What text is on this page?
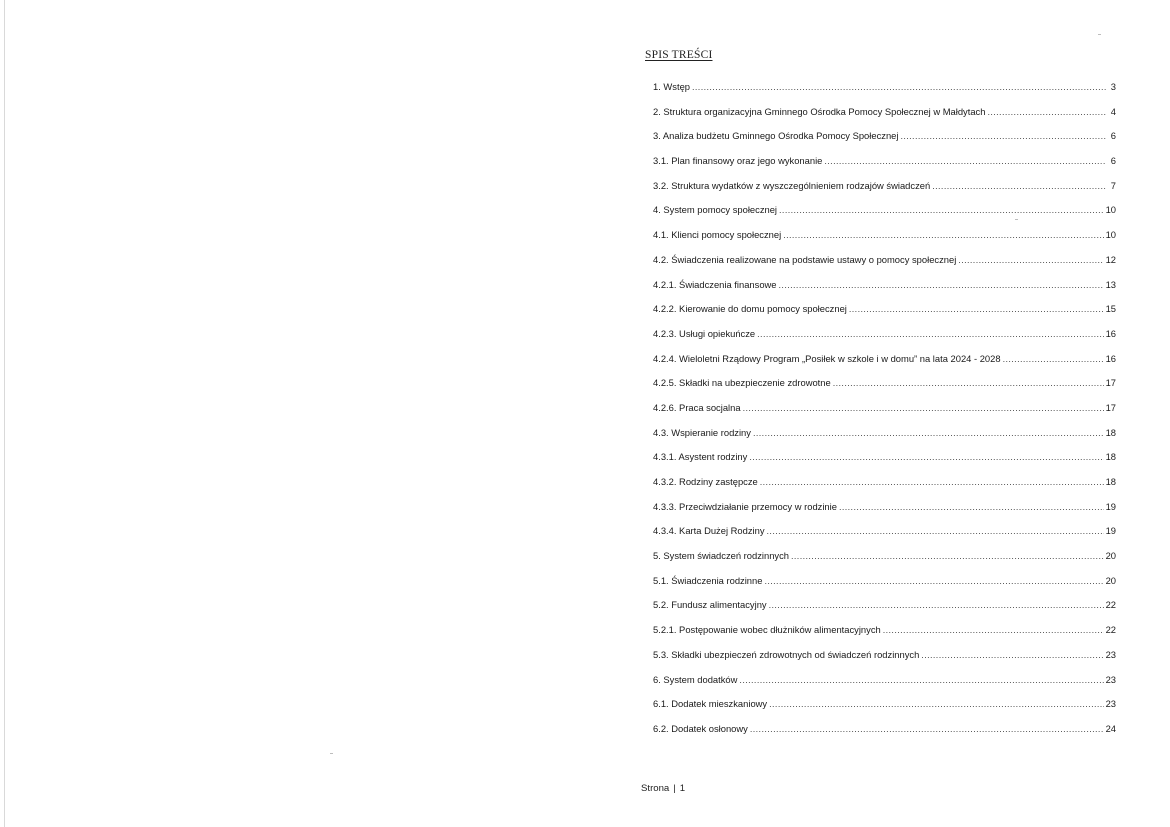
SPIS TREŚCI
1. Wstęp .....	3
2. Struktura organizacyjna Gminnego Ośrodka Pomocy Społecznej w Małdytach .....	4
3. Analiza budżetu Gminnego Ośrodka Pomocy Społecznej .....	6
3.1. Plan finansowy oraz jego wykonanie .....	6
3.2. Struktura wydatków z wyszczególnieniem rodzajów świadczeń .....	7
4. System pomocy społecznej .....	10
4.1. Klienci pomocy społecznej .....	10
4.2. Świadczenia realizowane na podstawie ustawy o pomocy społecznej .....	12
4.2.1. Świadczenia finansowe .....	13
4.2.2. Kierowanie do domu pomocy społecznej .....	15
4.2.3. Usługi opiekuńcze .....	16
4.2.4. Wieloletni Rządowy Program „Posiłek w szkole i w domu” na lata 2024 - 2028 .....	16
4.2.5. Składki na ubezpieczenie zdrowotne .....	17
4.2.6. Praca socjalna .....	17
4.3. Wspieranie rodziny .....	18
4.3.1. Asystent rodziny .....	18
4.3.2. Rodziny zastępcze .....	18
4.3.3. Przeciwdziałanie przemocy w rodzinie .....	19
4.3.4. Karta Dużej Rodziny .....	19
5. System świadczeń rodzinnych .....	20
5.1. Świadczenia rodzinne .....	20
5.2. Fundusz alimentacyjny .....	22
5.2.1. Postępowanie wobec dłużników alimentacyjnych .....	22
5.3. Składki ubezpieczeń zdrowotnych od świadczeń rodzinnych .....	23
6. System dodatków .....	23
6.1. Dodatek mieszkaniowy .....	23
6.2. Dodatek osłonowy .....	24
Strona | 1
